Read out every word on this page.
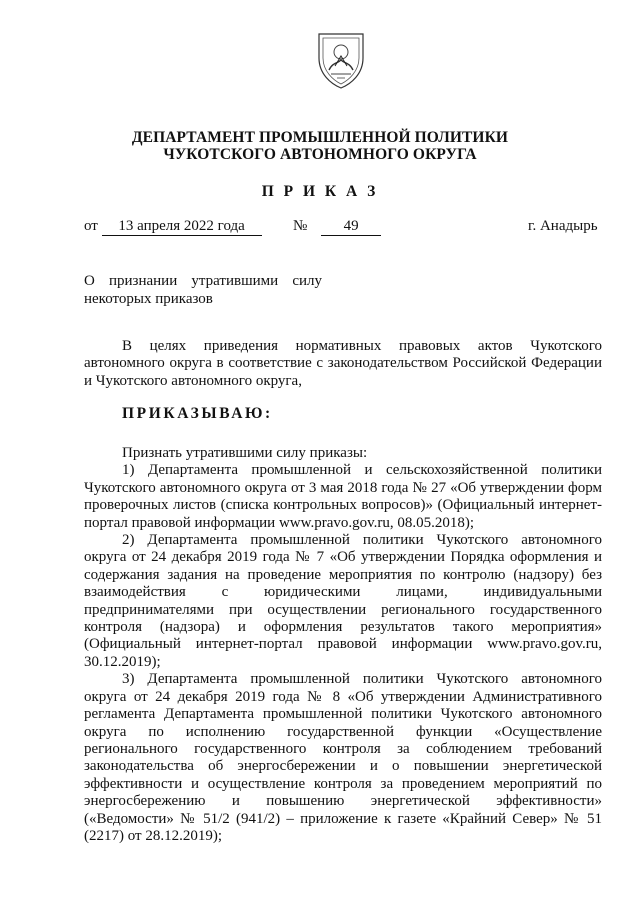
ДЕПАРТАМЕНТ ПРОМЫШЛЕННОЙ ПОЛИТИКИ
ЧУКОТСКОГО АВТОНОМНОГО ОКРУГА
П Р И К А З
от 13 апреля 2022 года	№ 49	г. Анадырь
О признании утратившими силу
некоторых приказов

В целях приведения нормативных правовых актов Чукотского автономного округа в соответствие с законодательством Российской Федерации и Чукотского автономного округа,

ПРИКАЗЫВАЮ:

Признать утратившими силу приказы:

1) Департамента промышленной и сельскохозяйственной политики Чукотского автономного округа от 3 мая 2018 года № 27 «Об утверждении форм проверочных листов (списка контрольных вопросов)» (Официальный интернет-портал правовой информации www.pravo.gov.ru, 08.05.2018);

2) Департамента промышленной политики Чукотского автономного округа от 24 декабря 2019 года № 7 «Об утверждении Порядка оформления и содержания задания на проведение мероприятия по контролю (надзору) без взаимодействия с юридическими лицами, индивидуальными предпринимателями при осуществлении регионального государственного контроля (надзора) и оформления результатов такого мероприятия» (Официальный интернет-портал правовой информации www.pravo.gov.ru, 30.12.2019);

3) Департамента промышленной политики Чукотского автономного округа от 24 декабря 2019 года № 8 «Об утверждении Административного регламента Департамента промышленной политики Чукотского автономного округа по исполнению государственной функции «Осуществление регионального государственного контроля за соблюдением требований законодательства об энергосбережении и о повышении энергетической эффективности и осуществление контроля за проведением мероприятий по энергосбережению и повышению энергетической эффективности» («Ведомости» № 51/2 (941/2) – приложение к газете «Крайний Север» № 51 (2217) от 28.12.2019);
